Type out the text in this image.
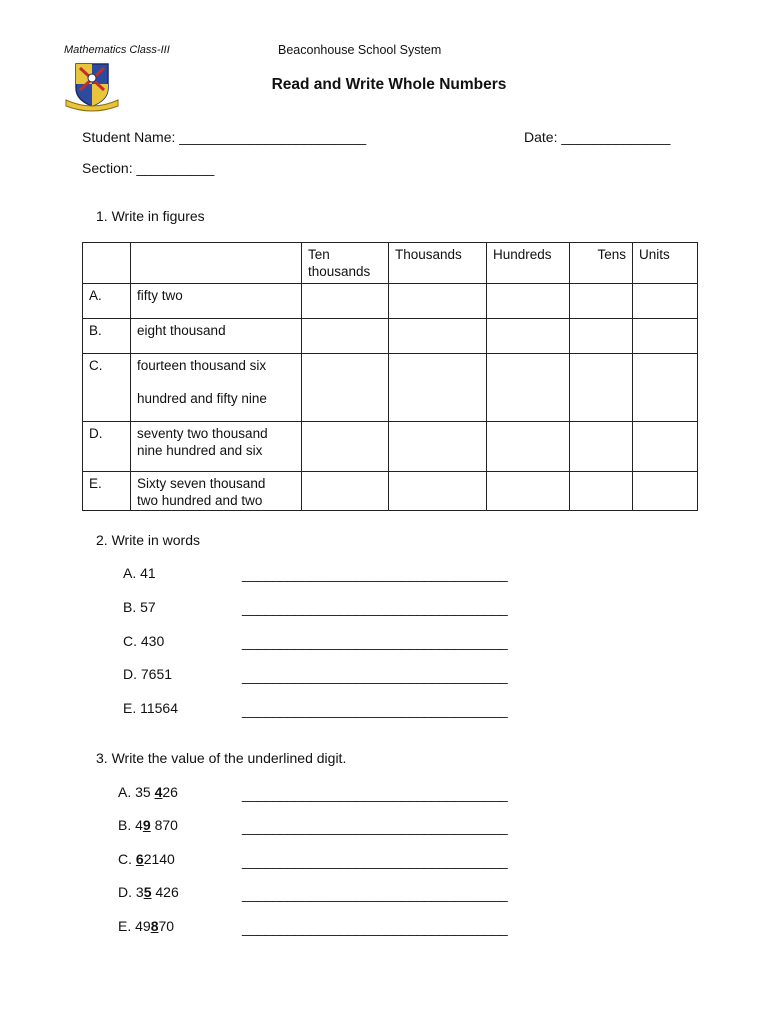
Mathematics Class-III	Beaconhouse School System
Read and Write Whole Numbers
Student Name: ________________________	Date: ______________
Section: __________
1. Write in figures
		Ten thousands	Thousands	Hundreds	Tens	Units
A.	fifty two					
B.	eight thousand					
C.	fourteen thousand six
hundred and fifty nine					

D.	seventy two thousand
nine hundred and six					

E.	Sixty seven thousand
two hundred and two					

2. Write in words
A. 41	___________________________________
B. 57	___________________________________
C. 430	___________________________________
D. 7651	___________________________________
E. 11564	___________________________________
3. Write the value of the underlined digit.
A. 35 426	___________________________________
B. 49 870	___________________________________
C. 62140	___________________________________
D. 35 426	___________________________________
E. 49870	___________________________________
